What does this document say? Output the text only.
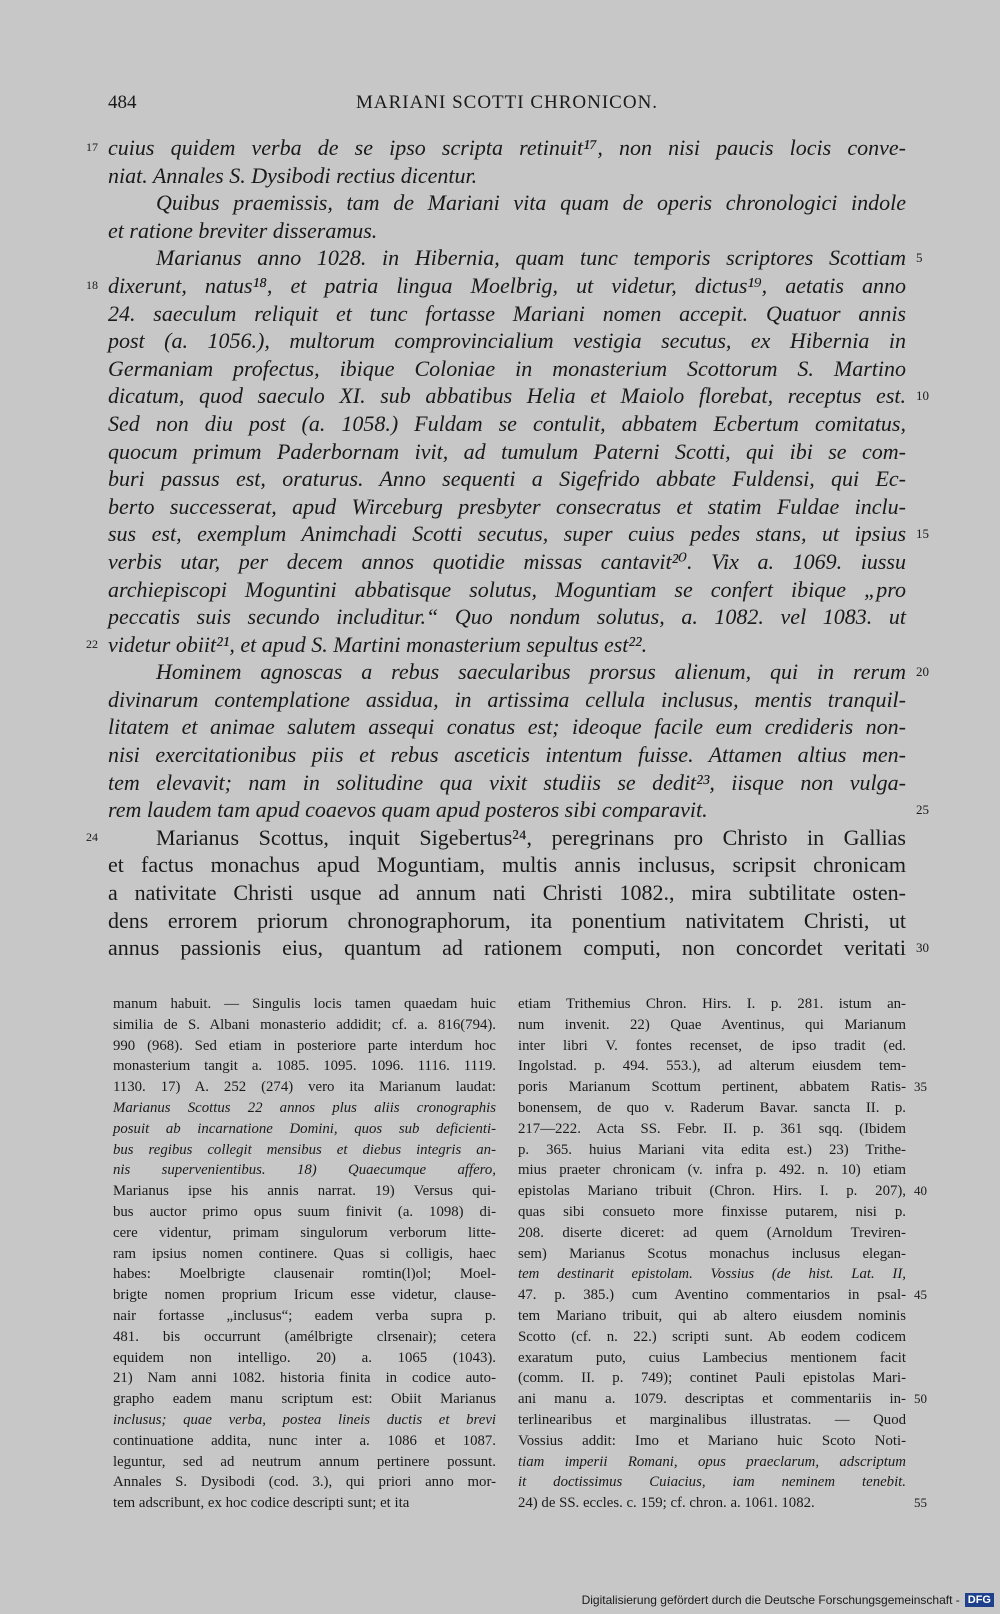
484	MARIANI SCOTTI CHRONICON.
cuius quidem verba de se ipso scripta retinuit¹⁷, non nisi paucis locis conve-
17
niat. Annales S. Dysibodi rectius dicentur.
Quibus praemissis, tam de Mariani vita quam de operis chronologici indole
et ratione breviter disseramus.
Marianus anno 1028. in Hibernia, quam tunc temporis scriptores Scottiam 5
dixerunt, natus¹⁸, et patria lingua Moelbrig, ut videtur, dictus¹⁹, aetatis anno
18
24. saeculum reliquit et tunc fortasse Mariani nomen accepit. Quatuor annis
post (a. 1056.), multorum comprovincialium vestigia secutus, ex Hibernia in
Germaniam profectus, ibique Coloniae in monasterium Scottorum S. Martino
dicatum, quod saeculo XI. sub abbatibus Helia et Maiolo florebat, receptus est. 10
Sed non diu post (a. 1058.) Fuldam se contulit, abbatem Ecbertum comitatus,
quocum primum Paderbornam ivit, ad tumulum Paterni Scotti, qui ibi se com-
buri passus est, oraturus. Anno sequenti a Sigefrido abbate Fuldensi, qui Ec-
berto successerat, apud Wirceburg presbyter consecratus et statim Fuldae inclu-
sus est, exemplum Animchadi Scotti secutus, super cuius pedes stans, ut ipsius 15
verbis utar, per decem annos quotidie missas cantavit²⁰. Vix a. 1069. iussu
archiepiscopi Moguntini abbatisque solutus, Moguntiam se confert ibique „pro
peccatis suis secundo includitur.“ Quo nondum solutus, a. 1082. vel 1083. ut
videtur obiit²¹, et apud S. Martini monasterium sepultus est²².
22
Hominem agnoscas a rebus saecularibus prorsus alienum, qui in rerum 20
divinarum contemplatione assidua, in artissima cellula inclusus, mentis tranquil-
litatem et animae salutem assequi conatus est; ideoque facile eum credideris non-
nisi exercitationibus piis et rebus asceticis intentum fuisse. Attamen altius men-
tem elevavit; nam in solitudine qua vixit studiis se dedit²³, iisque non vulga-
rem laudem tam apud coaevos quam apud posteros sibi comparavit.	25
Marianus Scottus, inquit Sigebertus²⁴, peregrinans pro Christo in Gallias
24
et factus monachus apud Moguntiam, multis annis inclusus, scripsit chronicam
a nativitate Christi usque ad annum nati Christi 1082., mira subtilitate osten-
dens errorem priorum chronographorum, ita ponentium nativitatem Christi, ut
annus passionis eius, quantum ad rationem computi, non concordet veritati 30
manum habuit. — Singulis locis tamen quaedam huic
similia de S. Albani monasterio addidit; cf. a. 816(794).
990 (968). Sed etiam in posteriore parte interdum hoc
monasterium tangit a. 1085. 1095. 1096. 1116. 1119.
1130. 17) A. 252 (274) vero ita Marianum laudat:
Marianus Scottus 22 annos plus aliis cronographis
posuit ab incarnatione Domini, quos sub deficienti-
bus regibus collegit mensibus et diebus integris an-
nis supervenientibus. 18) Quaecumque affero,
Marianus ipse his annis narrat. 19) Versus qui-
bus auctor primo opus suum finivit (a. 1098) di-
cere videntur, primam singulorum verborum litte-
ram ipsius nomen continere. Quas si colligis, haec
habes: Moelbrigte clausenair romtin(l)ol; Moel-
brigte nomen proprium Iricum esse videtur, clause-
nair fortasse „inclusus“; eadem verba supra p.
481. bis occurrunt (amélbrigte clrsenair); cetera
equidem non intelligo. 20) a. 1065 (1043).
21) Nam anni 1082. historia finita in codice auto-
grapho eadem manu scriptum est: Obiit Marianus
inclusus; quae verba, postea lineis ductis et brevi
continuatione addita, nunc inter a. 1086 et 1087.
leguntur, sed ad neutrum annum pertinere possunt.
Annales S. Dysibodi (cod. 3.), qui priori anno mor-
tem adscribunt, ex hoc codice descripti sunt; et ita
etiam Trithemius Chron. Hirs. I. p. 281. istum an-
num invenit. 22) Quae Aventinus, qui Marianum
inter libri V. fontes recenset, de ipso tradit (ed.
Ingolstad. p. 494. 553.), ad alterum eiusdem tem-
poris Marianum Scottum pertinent, abbatem Ratis- 35
bonensem, de quo v. Raderum Bavar. sancta II. p.
217—222. Acta SS. Febr. II. p. 361 sqq. (Ibidem
p. 365. huius Mariani vita edita est.) 23) Trithe-
mius praeter chronicam (v. infra p. 492. n. 10) etiam
epistolas Mariano tribuit (Chron. Hirs. I. p. 207), 40
quas sibi consueto more finxisse putarem, nisi p.
208. diserte diceret: ad quem (Arnoldum Treviren-
sem) Marianus Scotus monachus inclusus elegan-
tem destinarit epistolam. Vossius (de hist. Lat. II,
47. p. 385.) cum Aventino commentarios in psal- 45
tem Mariano tribuit, qui ab altero eiusdem nominis
Scotto (cf. n. 22.) scripti sunt. Ab eodem codicem
exaratum puto, cuius Lambecius mentionem facit
(comm. II. p. 749); continet Pauli epistolas Mari-
ani manu a. 1079. descriptas et commentariis in- 50
terlinearibus et marginalibus illustratas. — Quod
Vossius addit: Imo et Mariano huic Scoto Noti-
tiam imperii Romani, opus praeclarum, adscriptum
it doctissimus Cuiacius, iam neminem tenebit.
24) de SS. eccles. c. 159; cf. chron. a. 1061. 1082.	55
Digitalisierung gefördert durch die Deutsche Forschungsgemeinschaft - DFG
